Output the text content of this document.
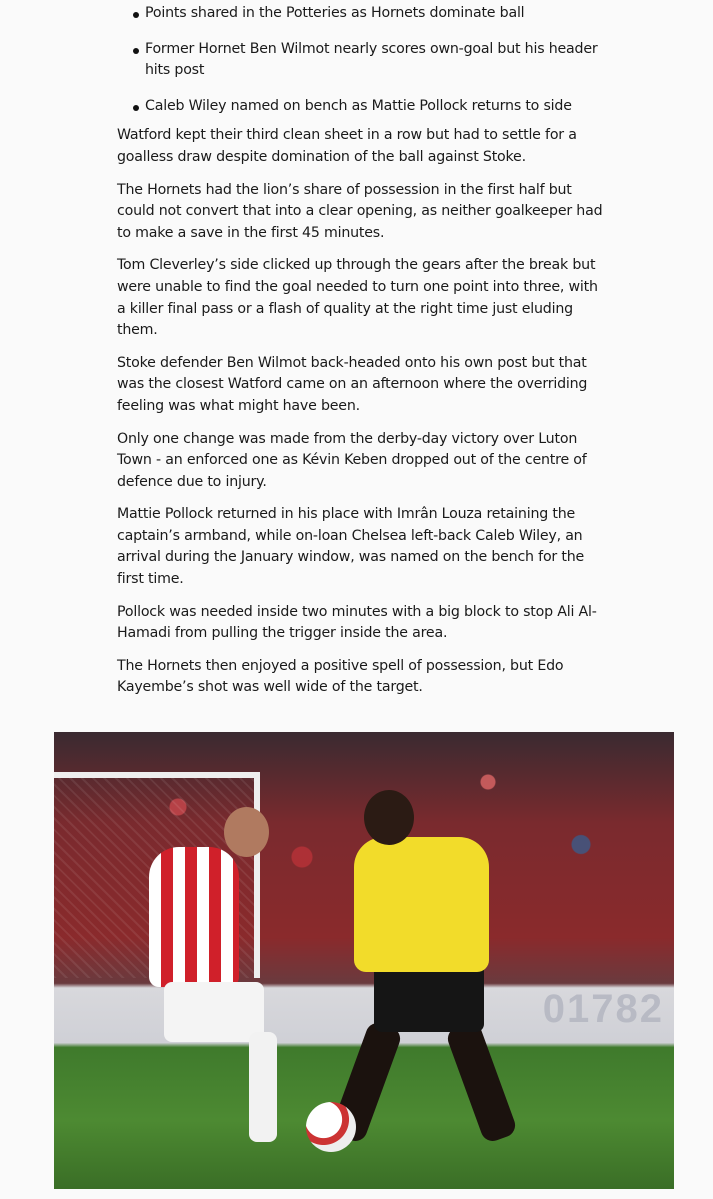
Points shared in the Potteries as Hornets dominate ball
Former Hornet Ben Wilmot nearly scores own-goal but his header hits post
Caleb Wiley named on bench as Mattie Pollock returns to side

Watford kept their third clean sheet in a row but had to settle for a goalless draw despite domination of the ball against Stoke.

The Hornets had the lion’s share of possession in the first half but could not convert that into a clear opening, as neither goalkeeper had to make a save in the first 45 minutes.

Tom Cleverley’s side clicked up through the gears after the break but were unable to find the goal needed to turn one point into three, with a killer final pass or a flash of quality at the right time just eluding them.

Stoke defender Ben Wilmot back-headed onto his own post but that was the closest Watford came on an afternoon where the overriding feeling was what might have been.

Only one change was made from the derby-day victory over Luton Town - an enforced one as Kévin Keben dropped out of the centre of defence due to injury.

Mattie Pollock returned in his place with Imrân Louza retaining the captain’s armband, while on-loan Chelsea left-back Caleb Wiley, an arrival during the January window, was named on the bench for the first time.

Pollock was needed inside two minutes with a big block to stop Ali Al-Hamadi from pulling the trigger inside the area.

The Hornets then enjoyed a positive spell of possession, but Edo Kayembe’s shot was well wide of the target.

01782
